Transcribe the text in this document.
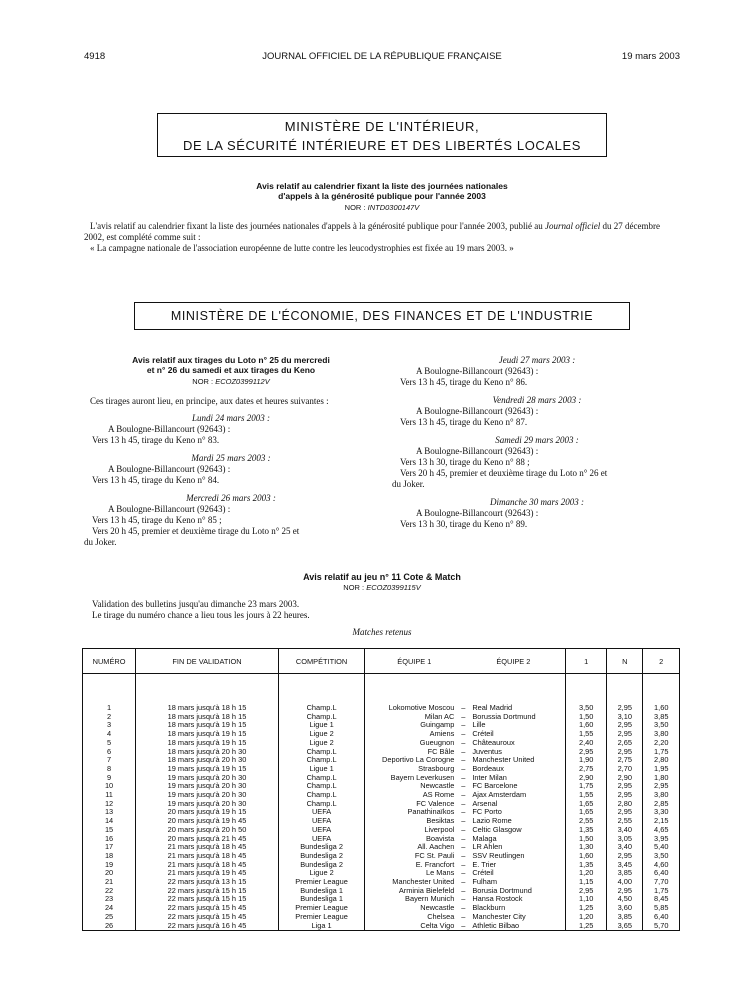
4918	JOURNAL OFFICIEL DE LA RÉPUBLIQUE FRANÇAISE	19 mars 2003
MINISTÈRE DE L'INTÉRIEUR,
DE LA SÉCURITÉ INTÉRIEURE ET DES LIBERTÉS LOCALES
Avis relatif au calendrier fixant la liste des journées nationales
d'appels à la générosité publique pour l'année 2003
NOR : INTD0300147V
L'avis relatif au calendrier fixant la liste des journées nationales d'appels à la générosité publique pour l'année 2003, publié au Journal officiel du 27 décembre 2002, est complété comme suit :
« La campagne nationale de l'association européenne de lutte contre les leucodystrophies est fixée au 19 mars 2003. »
MINISTÈRE DE L'ÉCONOMIE, DES FINANCES ET DE L'INDUSTRIE
Avis relatif aux tirages du Loto n° 25 du mercredi
et n° 26 du samedi et aux tirages du Keno
NOR : ECOZ0399112V
Ces tirages auront lieu, en principe, aux dates et heures suivantes :
Lundi 24 mars 2003 :
A Boulogne-Billancourt (92643) :
Vers 13 h 45, tirage du Keno n° 83.
Mardi 25 mars 2003 :
A Boulogne-Billancourt (92643) :
Vers 13 h 45, tirage du Keno n° 84.
Mercredi 26 mars 2003 :
A Boulogne-Billancourt (92643) :
Vers 13 h 45, tirage du Keno n° 85 ;
Vers 20 h 45, premier et deuxième tirage du Loto n° 25 et
du Joker.
Jeudi 27 mars 2003 :
A Boulogne-Billancourt (92643) :
Vers 13 h 45, tirage du Keno n° 86.
Vendredi 28 mars 2003 :
A Boulogne-Billancourt (92643) :
Vers 13 h 45, tirage du Keno n° 87.
Samedi 29 mars 2003 :
A Boulogne-Billancourt (92643) :
Vers 13 h 30, tirage du Keno n° 88 ;
Vers 20 h 45, premier et deuxième tirage du Loto n° 26 et
du Joker.
Dimanche 30 mars 2003 :
A Boulogne-Billancourt (92643) :
Vers 13 h 30, tirage du Keno n° 89.
Avis relatif au jeu n° 11 Cote & Match
NOR : ECOZ0399115V
Validation des bulletins jusqu'au dimanche 23 mars 2003.
Le tirage du numéro chance a lieu tous les jours à 22 heures.
Matches retenus
NUMÉRO	FIN DE VALIDATION	COMPÉTITION	ÉQUIPE 1 ÉQUIPE 2	1	N	2

1	18 mars jusqu'à 18 h 15	Champ.L	Lokomotive Moscou – Real Madrid	3,50	2,95	1,60
2	18 mars jusqu'à 18 h 15	Champ.L	Milan AC – Borussia Dortmund	1,50	3,10	3,85
3	18 mars jusqu'à 19 h 15	Ligue 1	Guingamp – Lille	1,60	2,95	3,50
4	18 mars jusqu'à 19 h 15	Ligue 2	Amiens – Créteil	1,55	2,95	3,80
5	18 mars jusqu'à 19 h 15	Ligue 2	Gueugnon – Châteauroux	2,40	2,65	2,20
6	18 mars jusqu'à 20 h 30	Champ.L	FC Bâle – Juventus	2,95	2,95	1,75
7	18 mars jusqu'à 20 h 30	Champ.L	Deportivo La Corogne – Manchester United	1,90	2,75	2,80
8	19 mars jusqu'à 19 h 15	Ligue 1	Strasbourg – Bordeaux	2,75	2,70	1,95
9	19 mars jusqu'à 20 h 30	Champ.L	Bayern Leverkusen – Inter Milan	2,90	2,90	1,80
10	19 mars jusqu'à 20 h 30	Champ.L	Newcastle – FC Barcelone	1,75	2,95	2,95
11	19 mars jusqu'à 20 h 30	Champ.L	AS Rome – Ajax Amsterdam	1,55	2,95	3,80
12	19 mars jusqu'à 20 h 30	Champ.L	FC Valence – Arsenal	1,65	2,80	2,85
13	20 mars jusqu'à 19 h 15	UEFA	Panathinaïkos – FC Porto	1,65	2,95	3,30
14	20 mars jusqu'à 19 h 45	UEFA	Besiktas – Lazio Rome	2,55	2,55	2,15
15	20 mars jusqu'à 20 h 50	UEFA	Liverpool – Celtic Glasgow	1,35	3,40	4,65
16	20 mars jusqu'à 21 h 45	UEFA	Boavista – Malaga	1,50	3,05	3,95
17	21 mars jusqu'à 18 h 45	Bundesliga 2	All. Aachen – LR Ahlen	1,30	3,40	5,40
18	21 mars jusqu'à 18 h 45	Bundesliga 2	FC St. Pauli – SSV Reutlingen	1,60	2,95	3,50
19	21 mars jusqu'à 18 h 45	Bundesliga 2	E. Francfort – E. Trier	1,35	3,45	4,60
20	21 mars jusqu'à 19 h 45	Ligue 2	Le Mans – Créteil	1,20	3,85	6,40
21	22 mars jusqu'à 13 h 15	Premier League	Manchester United – Fulham	1,15	4,00	7,70
22	22 mars jusqu'à 15 h 15	Bundesliga 1	Arminia Bielefeld – Borusia Dortmund	2,95	2,95	1,75
23	22 mars jusqu'à 15 h 15	Bundesliga 1	Bayern Munich – Hansa Rostock	1,10	4,50	8,45
24	22 mars jusqu'à 15 h 45	Premier League	Newcastle – Blackburn	1,25	3,60	5,85
25	22 mars jusqu'à 15 h 45	Premier League	Chelsea – Manchester City	1,20	3,85	6,40
26	22 mars jusqu'à 16 h 45	Liga 1	Celta Vigo – Athletic Bilbao	1,25	3,65	5,70
